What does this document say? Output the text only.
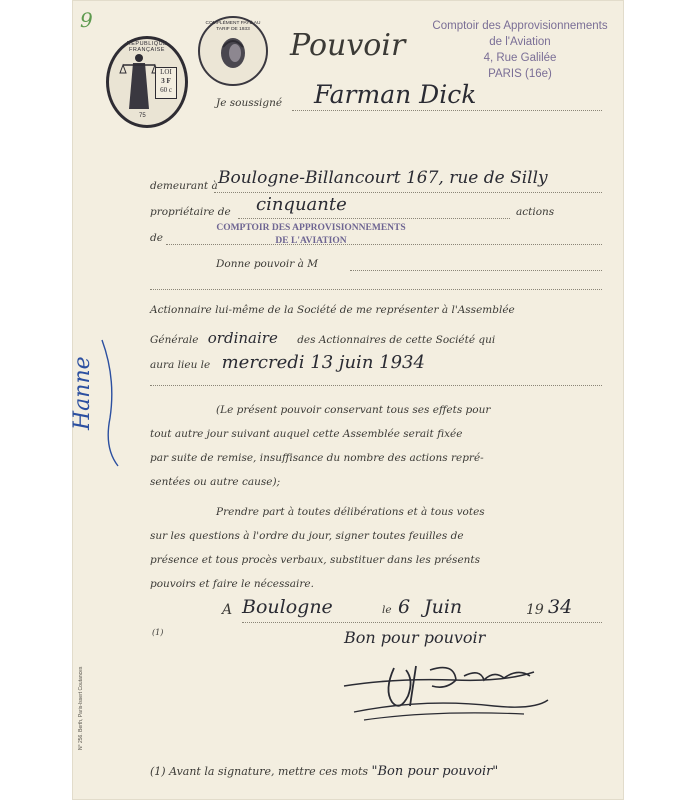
9
RÉPUBLIQUE FRANÇAISE
LOI
3 F
60 c
75
COMPLÉMENT PAYÉ AU TARIF DE 1933	Comptoir des Approvisionnements
de l'Aviation
4, Rue Galilée
PARIS (16e)
Pouvoir
Je soussigné Farman Dick
demeurant à Boulogne-Billancourt 167, rue de Silly
propriétaire de cinquante	actions
de
COMPTOIR DES APPROVISIONNEMENTS
DE L'AVIATION
Donne pouvoir à M
Actionnaire lui-même de la Société de me représenter à l'Assemblée
Générale ordinaire des Actionnaires de cette Société qui
aura lieu le mercredi 13 juin 1934
(Le présent pouvoir conservant tous ses effets pour
tout autre jour suivant auquel cette Assemblée serait fixée
par suite de remise, insuffisance du nombre des actions repré-
sentées ou autre cause);
Prendre part à toutes délibérations et à tous votes
sur les questions à l'ordre du jour, signer toutes feuilles de
présence et tous procès verbaux, substituer dans les présents
pouvoirs et faire le nécessaire.
A Boulogne	le 6 Juin	19 34
(1)	Bon pour pouvoir
Hanne
N° 256. Berth, Paris-Issert Coutances
(1) Avant la signature, mettre ces mots "Bon pour pouvoir"
